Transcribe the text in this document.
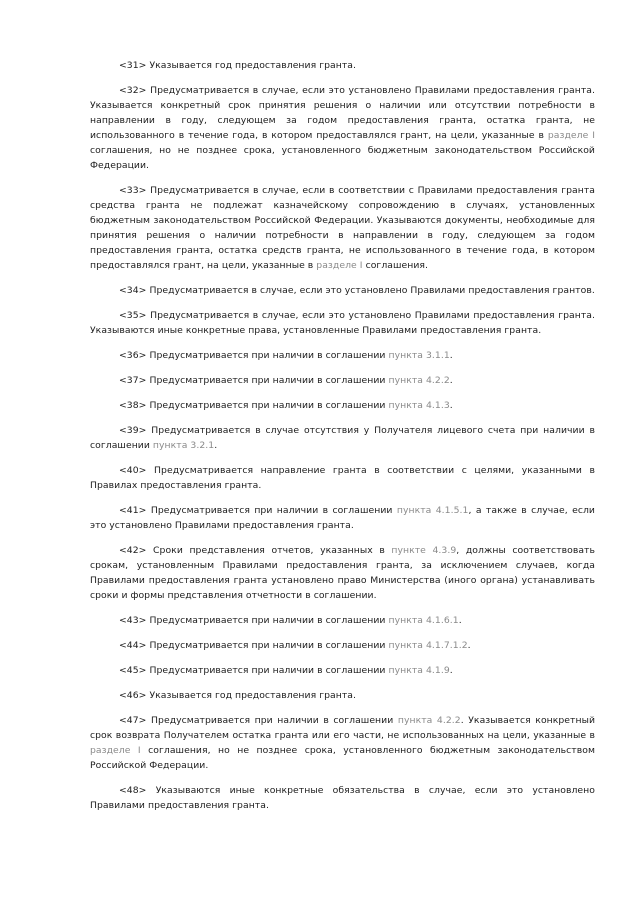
<31> Указывается год предоставления гранта.

<32> Предусматривается в случае, если это установлено Правилами предоставления гранта. Указывается конкретный срок принятия решения о наличии или отсутствии потребности в направлении в году, следующем за годом предоставления гранта, остатка гранта, не использованного в течение года, в котором предоставлялся грант, на цели, указанные в разделе I соглашения, но не позднее срока, установленного бюджетным законодательством Российской Федерации.

<33> Предусматривается в случае, если в соответствии с Правилами предоставления гранта средства гранта не подлежат казначейскому сопровождению в случаях, установленных бюджетным законодательством Российской Федерации. Указываются документы, необходимые для принятия решения о наличии потребности в направлении в году, следующем за годом предоставления гранта, остатка средств гранта, не использованного в течение года, в котором предоставлялся грант, на цели, указанные в разделе I соглашения.

<34> Предусматривается в случае, если это установлено Правилами предоставления грантов.

<35> Предусматривается в случае, если это установлено Правилами предоставления гранта. Указываются иные конкретные права, установленные Правилами предоставления гранта.

<36> Предусматривается при наличии в соглашении пункта 3.1.1.

<37> Предусматривается при наличии в соглашении пункта 4.2.2.

<38> Предусматривается при наличии в соглашении пункта 4.1.3.

<39> Предусматривается в случае отсутствия у Получателя лицевого счета при наличии в соглашении пункта 3.2.1.

<40> Предусматривается направление гранта в соответствии с целями, указанными в Правилах предоставления гранта.

<41> Предусматривается при наличии в соглашении пункта 4.1.5.1, а также в случае, если это установлено Правилами предоставления гранта.

<42> Сроки представления отчетов, указанных в пункте 4.3.9, должны соответствовать срокам, установленным Правилами предоставления гранта, за исключением случаев, когда Правилами предоставления гранта установлено право Министерства (иного органа) устанавливать сроки и формы представления отчетности в соглашении.

<43> Предусматривается при наличии в соглашении пункта 4.1.6.1.

<44> Предусматривается при наличии в соглашении пункта 4.1.7.1.2.

<45> Предусматривается при наличии в соглашении пункта 4.1.9.

<46> Указывается год предоставления гранта.

<47> Предусматривается при наличии в соглашении пункта 4.2.2. Указывается конкретный срок возврата Получателем остатка гранта или его части, не использованных на цели, указанные в разделе I соглашения, но не позднее срока, установленного бюджетным законодательством Российской Федерации.

<48> Указываются иные конкретные обязательства в случае, если это установлено Правилами предоставления гранта.
